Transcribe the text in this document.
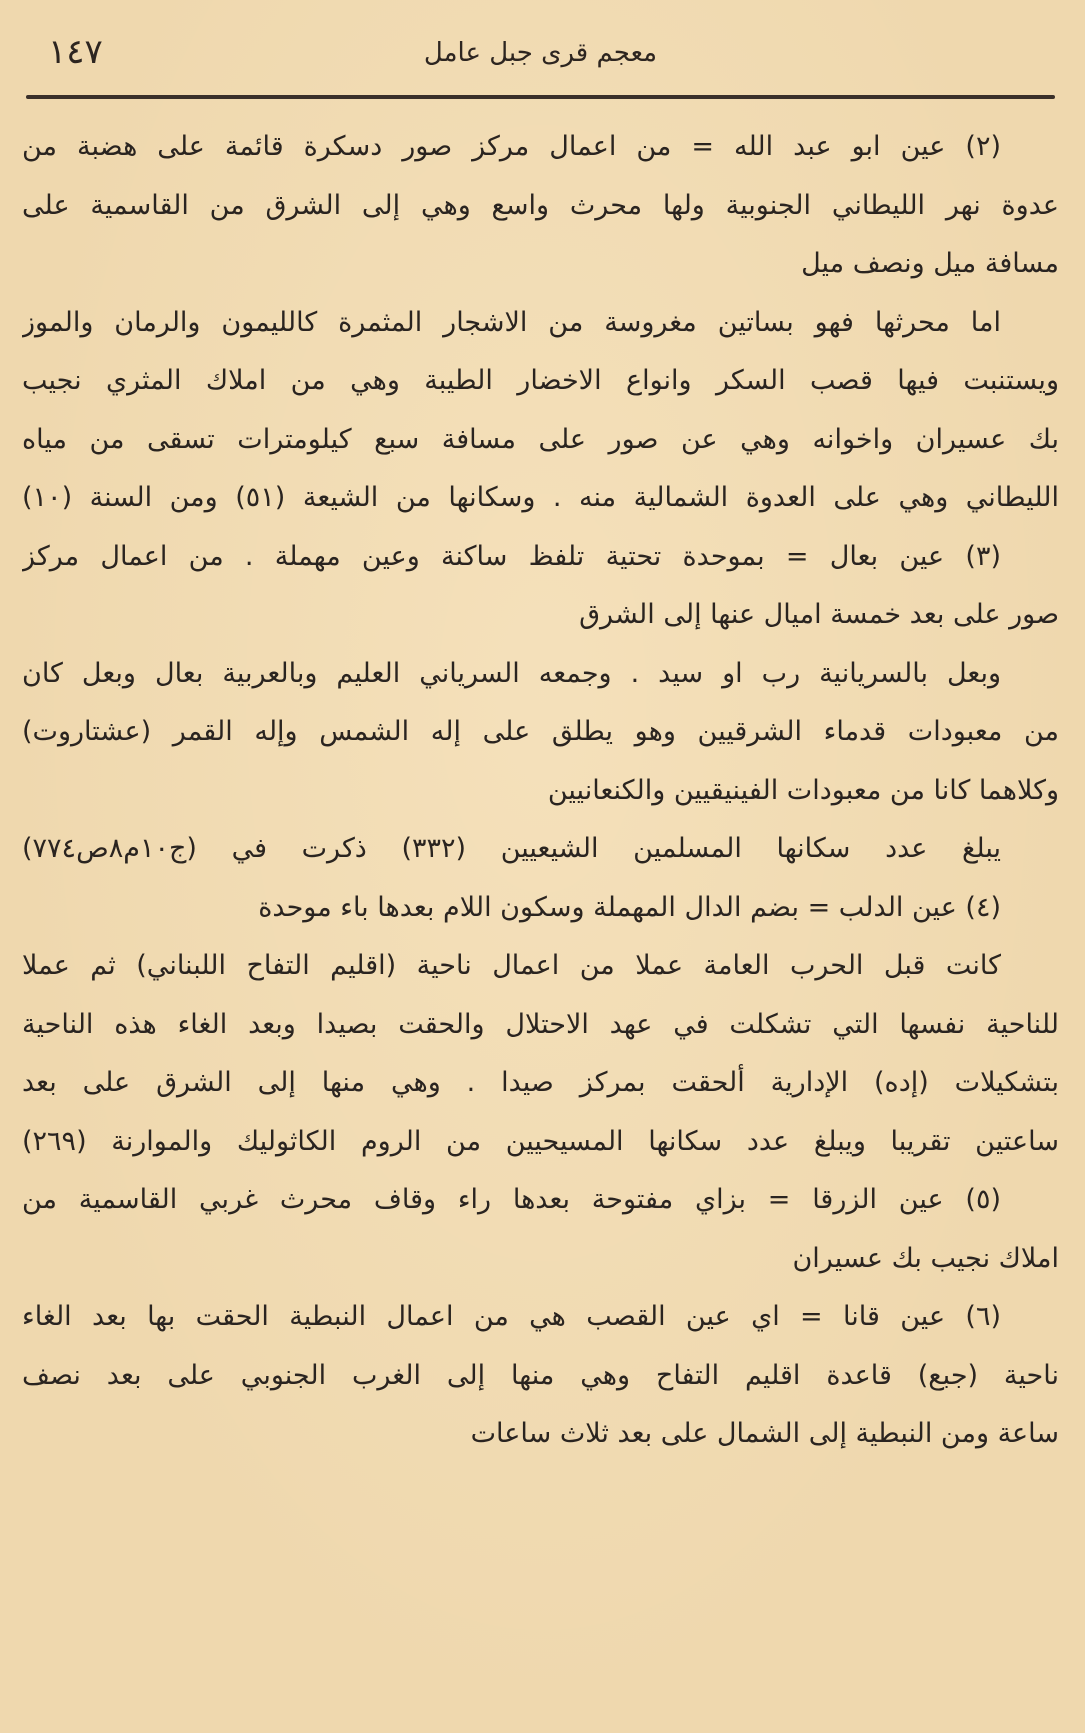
٧٤١	معجم قرى جبل عامل
(٢) عين ابو عبد الله = من اعمال مركز صور دسكرة قائمة على هضبة من
عدوة نهر الليطاني الجنوبية ولها محرث واسع وهي إلى الشرق من القاسمية على
مسافة ميل ونصف ميل
اما محرثها فهو بساتين مغروسة من الاشجار المثمرة كالليمون والرمان والموز
ويستنبت فيها قصب السكر وانواع الاخضار الطيبة وهي من املاك المثري نجيب
بك عسيران واخوانه وهي عن صور على مسافة سبع كيلومترات تسقى من مياه
الليطاني وهي على العدوة الشمالية منه . وسكانها من الشيعة (٥١) ومن السنة (١٠)
(٣) عين بعال = بموحدة تحتية تلفظ ساكنة وعين مهملة . من اعمال مركز
صور على بعد خمسة اميال عنها إلى الشرق
وبعل بالسريانية رب او سيد . وجمعه السرياني العليم وبالعربية بعال وبعل كان
من معبودات قدماء الشرقيين وهو يطلق على إله الشمس وإله القمر (عشتاروت)
وكلاهما كانا من معبودات الفينيقيين والكنعانيين
يبلغ عدد سكانها المسلمين الشيعيين (٣٣٢) ذكرت في (ج١٠م٨ص٧٧٤)
(٤) عين الدلب = بضم الدال المهملة وسكون اللام بعدها باء موحدة
كانت قبل الحرب العامة عملا من اعمال ناحية (اقليم التفاح اللبناني) ثم عملا
للناحية نفسها التي تشكلت في عهد الاحتلال والحقت بصيدا وبعد الغاء هذه الناحية
بتشكيلات (إده) الإدارية ألحقت بمركز صيدا . وهي منها إلى الشرق على بعد
ساعتين تقريبا ويبلغ عدد سكانها المسيحيين من الروم الكاثوليك والموارنة (٢٦٩)
(٥) عين الزرقا = بزاي مفتوحة بعدها راء وقاف محرث غربي القاسمية من
املاك نجيب بك عسيران
(٦) عين قانا = اي عين القصب هي من اعمال النبطية الحقت بها بعد الغاء
ناحية (جبع) قاعدة اقليم التفاح وهي منها إلى الغرب الجنوبي على بعد نصف
ساعة ومن النبطية إلى الشمال على بعد ثلاث ساعات
